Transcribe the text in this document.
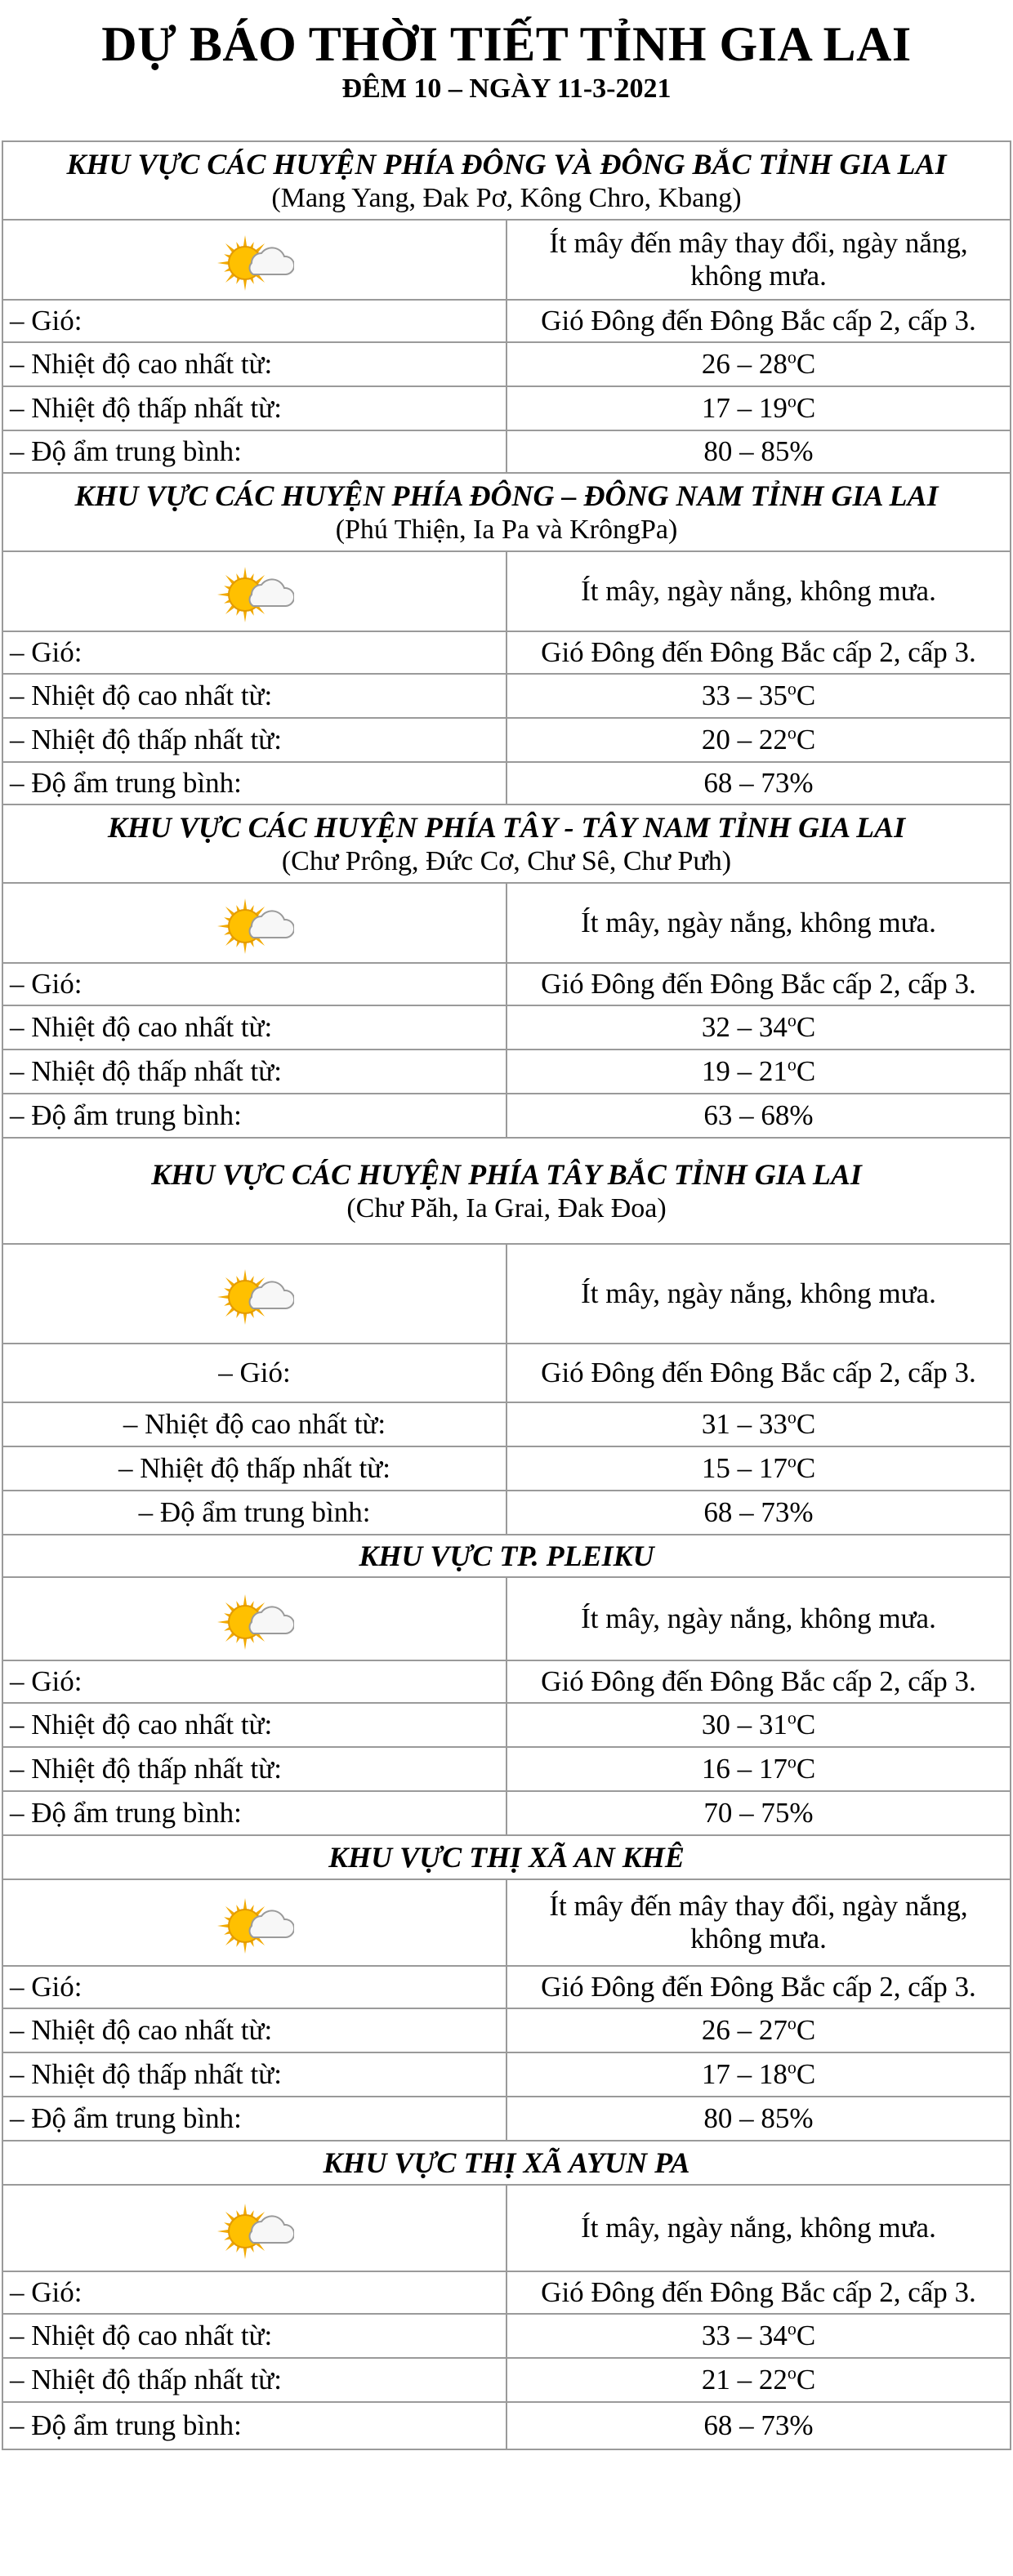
DỰ BÁO THỜI TIẾT TỈNH GIA LAI
ĐÊM 10 – NGÀY 11-3-2021
KHU VỰC CÁC HUYỆN PHÍA ĐÔNG VÀ ĐÔNG BẮC TỈNH GIA LAI
(Mang Yang, Đak Pơ, Kông Chro, Kbang)	

	Ít mây đến mây thay đổi, ngày nắng, không mưa.
– Gió:	Gió Đông đến Đông Bắc cấp 2, cấp 3.
– Nhiệt độ cao nhất từ:	26 – 28$^o$C
– Nhiệt độ thấp nhất từ:	17 – 19$^o$C
– Độ ẩm trung bình:	80 – 85%

KHU VỰC CÁC HUYỆN PHÍA ĐÔNG – ĐÔNG NAM TỈNH GIA LAI
(Phú Thiện, Ia Pa và KrôngPa)	

	Ít mây, ngày nắng, không mưa.
– Gió:	Gió Đông đến Đông Bắc cấp 2, cấp 3.
– Nhiệt độ cao nhất từ:	33 – 35$^o$C
– Nhiệt độ thấp nhất từ:	20 – 22$^o$C
– Độ ẩm trung bình:	68 – 73%

KHU VỰC CÁC HUYỆN PHÍA TÂY - TÂY NAM TỈNH GIA LAI
(Chư Prông, Đức Cơ, Chư Sê, Chư Pưh)	

	Ít mây, ngày nắng, không mưa.
– Gió:	Gió Đông đến Đông Bắc cấp 2, cấp 3.
– Nhiệt độ cao nhất từ:	32 – 34$^o$C
– Nhiệt độ thấp nhất từ:	19 – 21$^o$C
– Độ ẩm trung bình:	63 – 68%

KHU VỰC CÁC HUYỆN PHÍA TÂY BẮC TỈNH GIA LAI
(Chư Păh, Ia Grai, Đak Đoa)	

	Ít mây, ngày nắng, không mưa.
– Gió:	Gió Đông đến Đông Bắc cấp 2, cấp 3.
– Nhiệt độ cao nhất từ:	31 – 33$^o$C
– Nhiệt độ thấp nhất từ:	15 – 17$^o$C
– Độ ẩm trung bình:	68 – 73%

KHU VỰC TP. PLEIKU	

	Ít mây, ngày nắng, không mưa.
– Gió:	Gió Đông đến Đông Bắc cấp 2, cấp 3.
– Nhiệt độ cao nhất từ:	30 – 31$^o$C
– Nhiệt độ thấp nhất từ:	16 – 17$^o$C
– Độ ẩm trung bình:	70 – 75%

KHU VỰC THỊ XÃ AN KHÊ	

	Ít mây đến mây thay đổi, ngày nắng, không mưa.
– Gió:	Gió Đông đến Đông Bắc cấp 2, cấp 3.
– Nhiệt độ cao nhất từ:	26 – 27$^o$C
– Nhiệt độ thấp nhất từ:	17 – 18$^o$C
– Độ ẩm trung bình:	80 – 85%

KHU VỰC THỊ XÃ AYUN PA	

	Ít mây, ngày nắng, không mưa.
– Gió:	Gió Đông đến Đông Bắc cấp 2, cấp 3.
– Nhiệt độ cao nhất từ:	33 – 34$^o$C
– Nhiệt độ thấp nhất từ:	21 – 22$^o$C
– Độ ẩm trung bình:	68 – 73%
